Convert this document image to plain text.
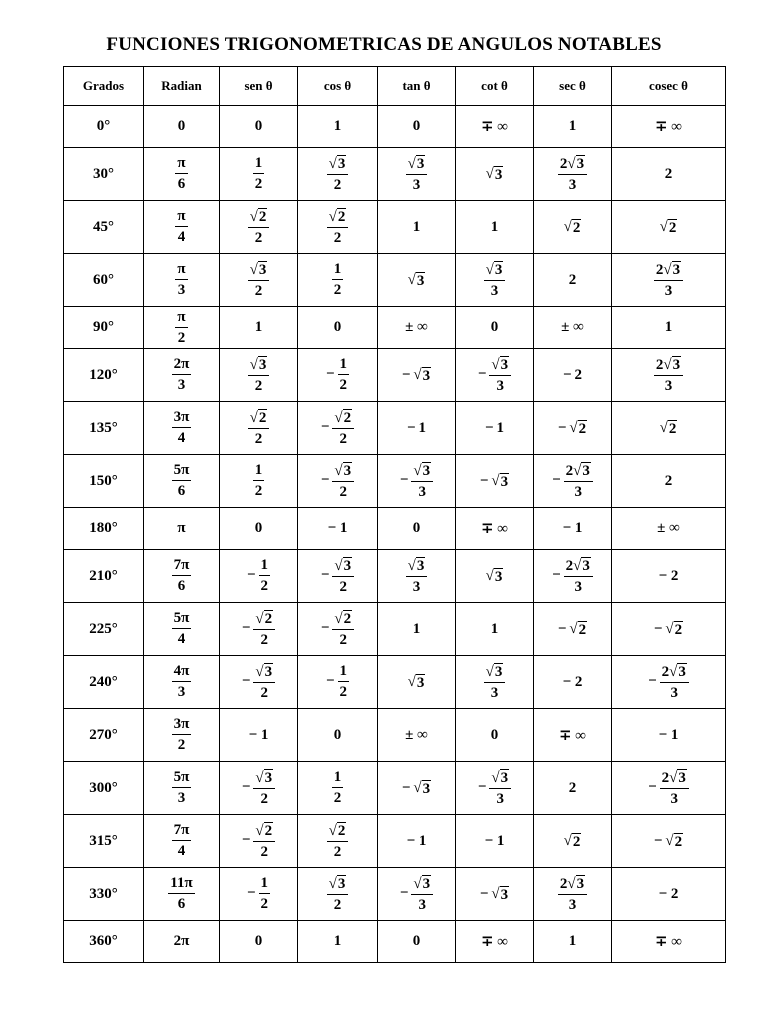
FUNCIONES TRIGONOMETRICAS DE ANGULOS NOTABLES
Grados	Radian	sen θ	cos θ	tan θ	cot θ	sec θ	cosec θ
0°	0	0	1	0	∓ ∞	1	∓ ∞
30°	$\frac{\pi}{6}$	$\frac{1}{2}$	$\frac{√ 3}{2}$	$\frac{√ 3}{3}$	√ 3	$\frac{2 √ 3}{3}$	2
45°	$\frac{\pi}{4}$	$\frac{√ 2}{2}$	$\frac{√ 2}{2}$	1	1	√ 2	√ 2

60°	$\frac{\pi}{3}$	$\frac{√ 3}{2}$	$\frac{1}{2}$	√ 3	$\frac{√ 3}{3}$	2	$\frac{2 √ 3}{3}$

90°	$\frac{\pi}{2}$	1	0	± ∞	0	± ∞	1
120°	$\frac{2\pi}{3}$	$\frac{√ 3}{2}$	− $\frac{1}{2}$	− √ 3	− $\frac{√ 3}{3}$	− 2	$\frac{2 √ 3}{3}$

135°	$\frac{3\pi}{4}$	$\frac{√ 2}{2}$	− $\frac{√ 2}{2}$	− 1	− 1	− √ 2	√ 2

150°	$\frac{5\pi}{6}$	$\frac{1}{2}$	− $\frac{√ 3}{2}$	− $\frac{√ 3}{3}$	− √ 3	− $\frac{2 √ 3}{3}$	2
180°	π	0	− 1	0	∓ ∞	− 1	± ∞
210°	$\frac{7\pi}{6}$	− $\frac{1}{2}$	− $\frac{√ 3}{2}$	$\frac{√ 3}{3}$	√ 3	− $\frac{2 √ 3}{3}$	− 2
225°	$\frac{5\pi}{4}$	− $\frac{√ 2}{2}$	− $\frac{√ 2}{2}$	1	1	− √ 2	− √ 2

240°	$\frac{4\pi}{3}$	− $\frac{√ 3}{2}$	− $\frac{1}{2}$	√ 3	$\frac{√ 3}{3}$	− 2	− $\frac{2 √ 3}{3}$

270°	$\frac{3\pi}{2}$	− 1	0	± ∞	0	∓ ∞	− 1
300°	$\frac{5\pi}{3}$	− $\frac{√ 3}{2}$	$\frac{1}{2}$	− √ 3	− $\frac{√ 3}{3}$	2	− $\frac{2 √ 3}{3}$

315°	$\frac{7\pi}{4}$	− $\frac{√ 2}{2}$	$\frac{√ 2}{2}$	− 1	− 1	√ 2	− √ 2

330°	$\frac{11\pi}{6}$	− $\frac{1}{2}$	$\frac{√ 3}{2}$	− $\frac{√ 3}{3}$	− √ 3	$\frac{2 √ 3}{3}$	− 2
360°	2π	0	1	0	∓ ∞	1	∓ ∞
